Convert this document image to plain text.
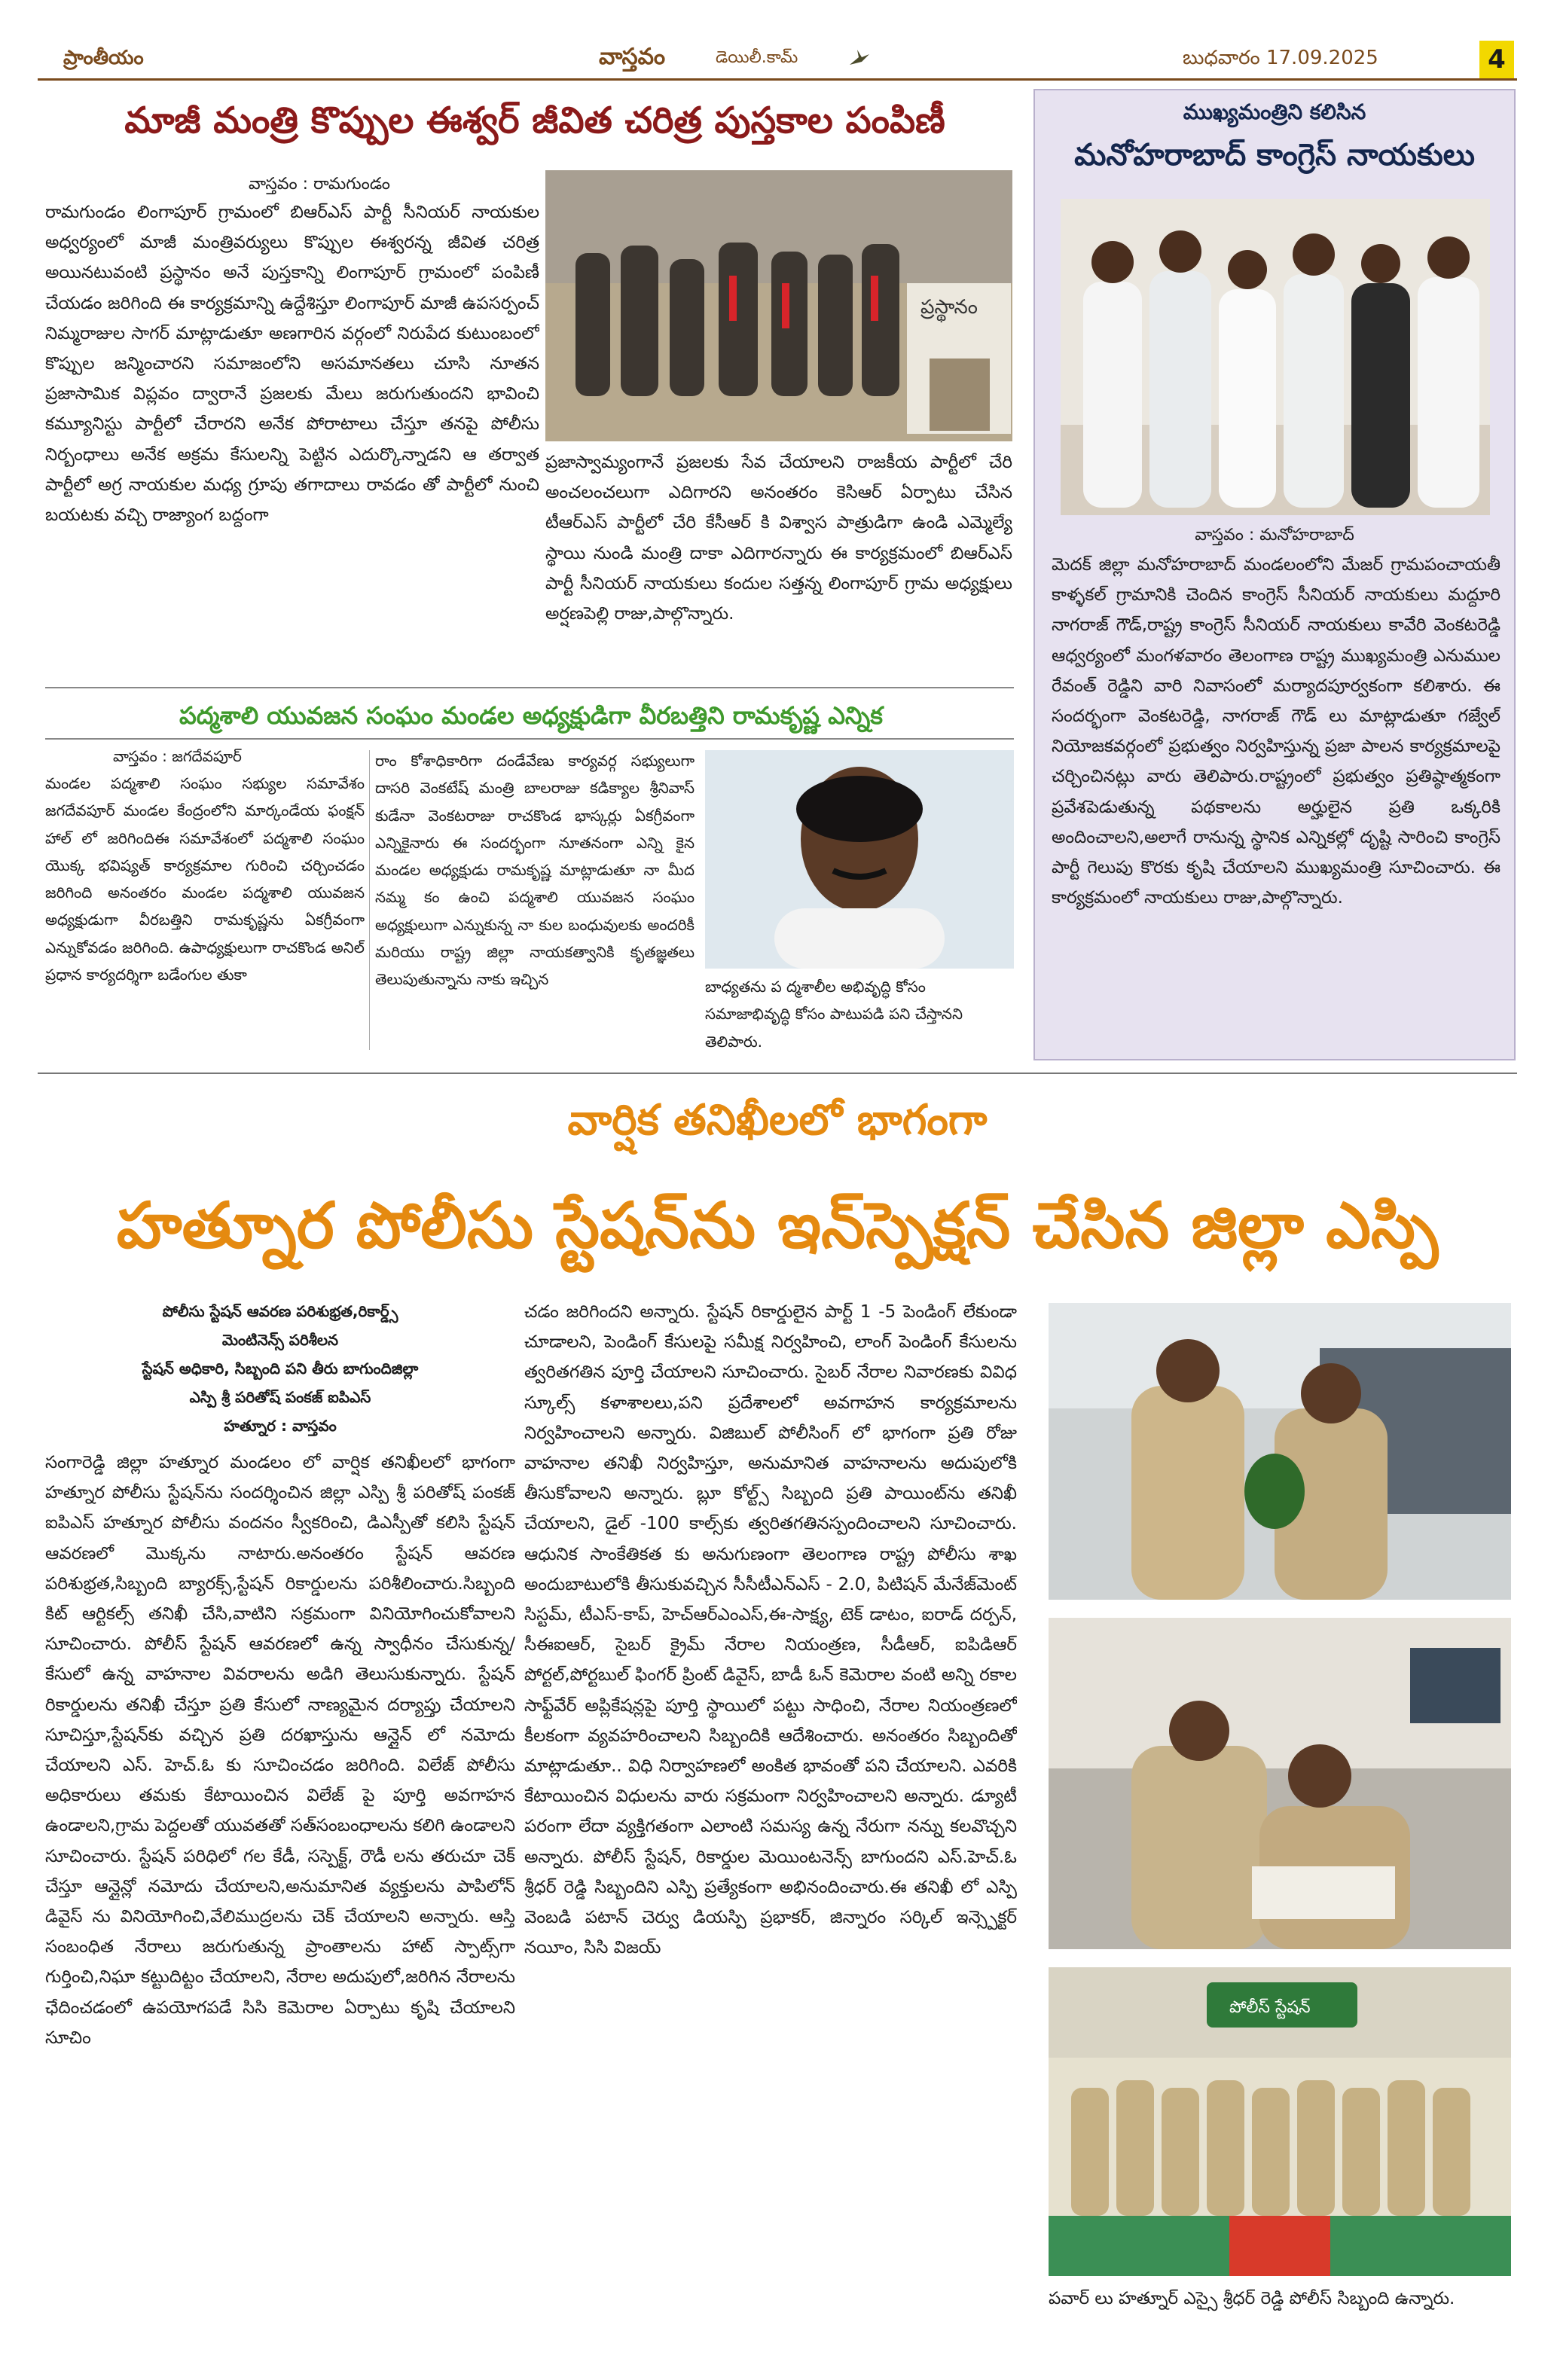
ప్రాంతీయం	వాస్తవం	డెయిలీ.కామ్	బుధవారం 17.09.2025	4
మాజీ మంత్రి కొప్పుల ఈశ్వర్ జీవిత చరిత్ర పుస్తకాల పంపిణీ
వాస్తవం : రామగుండం

రామగుండం లింగాపూర్ గ్రామంలో బిఆర్ఎస్ పార్టీ సీనియర్ నాయకుల అధ్వర్యంలో మాజీ మంత్రివర్యులు కొప్పుల ఈశ్వరన్న జీవిత చరిత్ర అయినటువంటి ప్రస్థానం అనే పుస్తకాన్ని లింగాపూర్ గ్రామంలో పంపిణీ చేయడం జరిగింది ఈ కార్యక్రమాన్ని ఉద్దేశిస్తూ లింగాపూర్ మాజీ ఉపసర్పంచ్ నిమ్మరాజుల సాగర్ మాట్లాడుతూ అణగారిన వర్గంలో నిరుపేద కుటుంబంలో కొప్పుల జన్మించారని సమాజంలోని అసమానతలు చూసి నూతన ప్రజాసామిక విప్లవం ద్వారానే ప్రజలకు మేలు జరుగుతుందని భావించి కమ్యూనిస్టు పార్టీలో చేరారని అనేక పోరాటాలు చేస్తూ తనపై పోలీసు నిర్బంధాలు అనేక అక్రమ కేసులన్ని పెట్టిన ఎదుర్కొన్నాడని ఆ తర్వాత పార్టీలో అగ్ర నాయకుల మధ్య గ్రూపు తగాదాలు రావడం తో పార్టీలో నుంచి బయటకు వచ్చి రాజ్యాంగ బద్దంగా

ప్రస్థానం

ప్రజాస్వామ్యంగానే ప్రజలకు సేవ చేయాలని రాజకీయ పార్టీలో చేరి అంచలంచలుగా ఎదిగారని అనంతరం కెసిఆర్ ఏర్పాటు చేసిన టీఆర్ఎస్ పార్టీలో చేరి కేసీఆర్ కి విశ్వాస పాత్రుడిగా ఉండి ఎమ్మెల్యే స్థాయి నుండి మంత్రి దాకా ఎదిగారన్నారు ఈ కార్యక్రమంలో బిఆర్ఎస్ పార్టీ సీనియర్ నాయకులు కందుల సత్తన్న లింగాపూర్ గ్రామ అధ్యక్షులు అర్షణపెల్లి రాజు,పాల్గొన్నారు.

పద్మశాలి యువజన సంఘం మండల అధ్యక్షుడిగా వీరబత్తిని రామకృష్ణ ఎన్నిక
వాస్తవం : జగదేవపూర్

మండల పద్మశాలి సంఘం సభ్యుల సమావేశం జగదేవపూర్ మండల కేంద్రంలోని మార్కండేయ ఫంక్షన్ హాల్ లో జరిగిందిఈ సమావేశంలో పద్మశాలి సంఘం యొక్క భవిష్యత్ కార్యక్రమాల గురించి చర్చించడం జరిగింది అనంతరం మండల పద్మశాలి యువజన అధ్యక్షుడుగా వీరబత్తిని రామకృష్ణను ఏకగ్రీవంగా ఎన్నుకోవడం జరిగింది. ఉపాధ్యక్షులుగా రాచకొండ అనిల్ ప్రధాన కార్యదర్శిగా బడేంగుల తుకా

రాం కోశాధికారిగా దండేవేణు కార్యవర్గ సభ్యులుగా దాసరి వెంకటేష్ మంత్రి బాలరాజు కడిక్యాల శ్రీనివాస్ కుడేనా వెంకటరాజు రాచకొండ భాస్కర్లు ఏకగ్రీవంగా ఎన్నికైనారు ఈ సందర్భంగా నూతనంగా ఎన్ని కైన మండల అధ్యక్షుడు రామకృష్ణ మాట్లాడుతూ నా మీద నమ్మ కం ఉంచి పద్మశాలి యువజన సంఘం అధ్యక్షులుగా ఎన్నుకున్న నా కుల బంధువులకు అందరికీ మరియు రాష్ట్ర జిల్లా నాయకత్వానికి కృతజ్ఞతలు తెలుపుతున్నాను నాకు ఇచ్చిన	బాధ్యతను ప ద్మశాలీల అభివృద్ధి కోసం సమాజాభివృద్ధి కోసం పాటుపడి పని చేస్తానని తెలిపారు.

ముఖ్యమంత్రిని కలిసిన
మనోహరాబాద్ కాంగ్రెస్ నాయకులు
వాస్తవం : మనోహరాబాద్

మెదక్ జిల్లా మనోహరాబాద్ మండలంలోని మేజర్ గ్రామపంచాయతీ కాళ్ళకల్ గ్రామానికి చెందిన కాంగ్రెస్ సీనియర్ నాయకులు మద్దూరి నాగరాజ్ గౌడ్,రాష్ట్ర కాంగ్రెస్ సీనియర్ నాయకులు కావేరి వెంకటరెడ్డి ఆధ్వర్యంలో మంగళవారం తెలంగాణ రాష్ట్ర ముఖ్యమంత్రి ఎనుముల రేవంత్ రెడ్డిని వారి నివాసంలో మర్యాదపూర్వకంగా కలిశారు. ఈ సందర్భంగా వెంకటరెడ్డి, నాగరాజ్ గౌడ్ లు మాట్లాడుతూ గజ్వేల్ నియోజకవర్గంలో ప్రభుత్వం నిర్వహిస్తున్న ప్రజా పాలన కార్యక్రమాలపై చర్చించినట్లు వారు తెలిపారు.రాష్ట్రంలో ప్రభుత్వం ప్రతిష్ఠాత్మకంగా ప్రవేశపెడుతున్న పథకాలను అర్హులైన ప్రతి ఒక్కరికి అందించాలని,అలాగే రానున్న స్థానిక ఎన్నికల్లో దృష్టి సారించి కాంగ్రెస్ పార్టీ గెలుపు కొరకు కృషి చేయాలని ముఖ్యమంత్రి సూచించారు. ఈ కార్యక్రమంలో నాయకులు రాజు,పాల్గొన్నారు.

వార్షిక తనిఖీలలో భాగంగా
హత్నూర పోలీసు స్టేషన్‌ను ఇన్‌స్పెక్షన్ చేసిన జిల్లా ఎస్పి
పోలీసు స్టేషన్ ఆవరణ పరిశుభ్రత,రికార్డ్స్
మెంటినెన్స్ పరిశీలన
స్టేషన్ అధికారి, సిబ్బంది పని తీరు బాగుందిజిల్లా
ఎస్పి శ్రీ పరితోష్ పంకజ్ ఐపిఎస్
హత్నూర : వాస్తవం

సంగారెడ్డి జిల్లా హత్నూర మండలం లో వార్షిక తనిఖీలలో భాగంగా హత్నూర పోలీసు స్టేషన్‌ను సందర్శించిన జిల్లా ఎస్పి శ్రీ పరితోష్ పంకజ్ ఐపిఎస్ హత్నూర పోలీసు వందనం స్వీకరించి, డిఎస్పీతో కలిసి స్టేషన్ ఆవరణలో మొక్కను నాటారు.అనంతరం స్టేషన్ ఆవరణ పరిశుభ్రత,సిబ్బంది బ్యారక్స్,స్టేషన్ రికార్డులను పరిశీలించారు.సిబ్బంది కిట్ ఆర్టికల్స్ తనిఖీ చేసి,వాటిని సక్రమంగా వినియోగించుకోవాలని సూచించారు. పోలీస్ స్టేషన్ ఆవరణలో ఉన్న స్వాధీనం చేసుకున్న/ కేసులో ఉన్న వాహనాల వివరాలను అడిగి తెలుసుకున్నారు. స్టేషన్ రికార్డులను తనిఖీ చేస్తూ ప్రతి కేసులో నాణ్యమైన దర్యాప్తు చేయాలని సూచిస్తూ,స్టేషన్‌కు వచ్చిన ప్రతి దరఖాస్తును ఆన్లైన్ లో నమోదు చేయాలని ఎస్. హెచ్.ఓ కు సూచించడం జరిగింది. విలేజ్ పోలీసు అధికారులు తమకు కేటాయించిన విలేజ్ పై పూర్తి అవగాహన ఉండాలని,గ్రామ పెద్దలతో యువతతో సత్‌సంబంధాలను కలిగి ఉండాలని సూచించారు. స్టేషన్ పరిధిలో గల కేడీ, సస్పెక్ట్, రౌడీ లను తరుచూ చెక్ చేస్తూ ఆన్లైన్లో నమోదు చేయాలని,అనుమానిత వ్యక్తులను పాపిలోన్ డివైస్ ను వినియోగించి,వేలిముద్రలను చెక్ చేయాలని అన్నారు. ఆస్తి సంబంధిత నేరాలు జరుగుతున్న ప్రాంతాలను హాట్ స్పాట్స్‌గా గుర్తించి,నిఘా కట్టుదిట్టం చేయాలని, నేరాల అదుపులో,జరిగిన నేరాలను ఛేదించడంలో ఉపయోగపడే సిసి కెమెరాల ఏర్పాటు కృషి చేయాలని సూచిం

చడం జరిగిందని అన్నారు. స్టేషన్ రికార్డులైన పార్ట్ 1 -5 పెండింగ్ లేకుండా చూడాలని, పెండింగ్ కేసులపై సమీక్ష నిర్వహించి, లాంగ్ పెండింగ్ కేసులను త్వరితగతిన పూర్తి చేయాలని సూచించారు. సైబర్ నేరాల నివారణకు వివిధ స్కూల్స్ కళాశాలలు,పని ప్రదేశాలలో అవగాహన కార్యక్రమాలను నిర్వహించాలని అన్నారు. విజిబుల్ పోలీసింగ్ లో భాగంగా ప్రతి రోజు వాహనాల తనిఖీ నిర్వహిస్తూ, అనుమానిత వాహనాలను అదుపులోకి తీసుకోవాలని అన్నారు. బ్లూ కోల్ట్స్ సిబ్బంది ప్రతి పాయింట్‌ను తనిఖీ చేయాలని, డైల్ -100 కాల్స్‌కు త్వరితగతినస్పందించాలని సూచించారు. ఆధునిక సాంకేతికత కు అనుగుణంగా తెలంగాణ రాష్ట్ర పోలీసు శాఖ అందుబాటులోకి తీసుకువచ్చిన సీసీటీఎన్ఎస్ - 2.0, పిటిషన్ మేనేజ్‌మెంట్ సిస్టమ్, టీఎస్-కాప్, హెచ్ఆర్ఎంఎస్,ఈ-సాక్ష్య, టెక్ డాటం, ఐరాడ్ దర్పన్, సీఈఐఆర్, సైబర్ క్రైమ్ నేరాల నియంత్రణ, సీడీఆర్, ఐపిడిఆర్ పోర్టల్,పోర్టబుల్ ఫింగర్ ప్రింట్ డివైస్, బాడీ ఓన్ కెమెరాల వంటి అన్ని రకాల సాఫ్ట్‌వేర్ అప్లికేషన్లపై పూర్తి స్థాయిలో పట్టు సాధించి, నేరాల నియంత్రణలో కీలకంగా వ్యవహరించాలని సిబ్బందికి ఆదేశించారు. అనంతరం సిబ్బందితో మాట్లాడుతూ.. విధి నిర్వాహణలో అంకిత భావంతో పని చేయాలని. ఎవరికి కేటాయించిన విధులను వారు సక్రమంగా నిర్వహించాలని అన్నారు. డ్యూటీ పరంగా లేదా వ్యక్తిగతంగా ఎలాంటి సమస్య ఉన్న నేరుగా నన్ను కలవొచ్చని అన్నారు. పోలీస్ స్టేషన్, రికార్డుల మెయింటనెన్స్ బాగుందని ఎస్.హెచ్.ఓ శ్రీధర్ రెడ్డి సిబ్బందిని ఎస్పి ప్రత్యేకంగా అభినందించారు.ఈ తనిఖీ లో ఎస్పి వెంబడి పటాన్ చెర్వు డియస్పి ప్రభాకర్, జిన్నారం సర్కిల్ ఇన్స్పెక్టర్ నయీం, సిసి విజయ్

పోలీస్ స్టేషన్

పవార్ లు హత్నూర్ ఎస్సై శ్రీధర్ రెడ్డి పోలీస్ సిబ్బంది ఉన్నారు.
